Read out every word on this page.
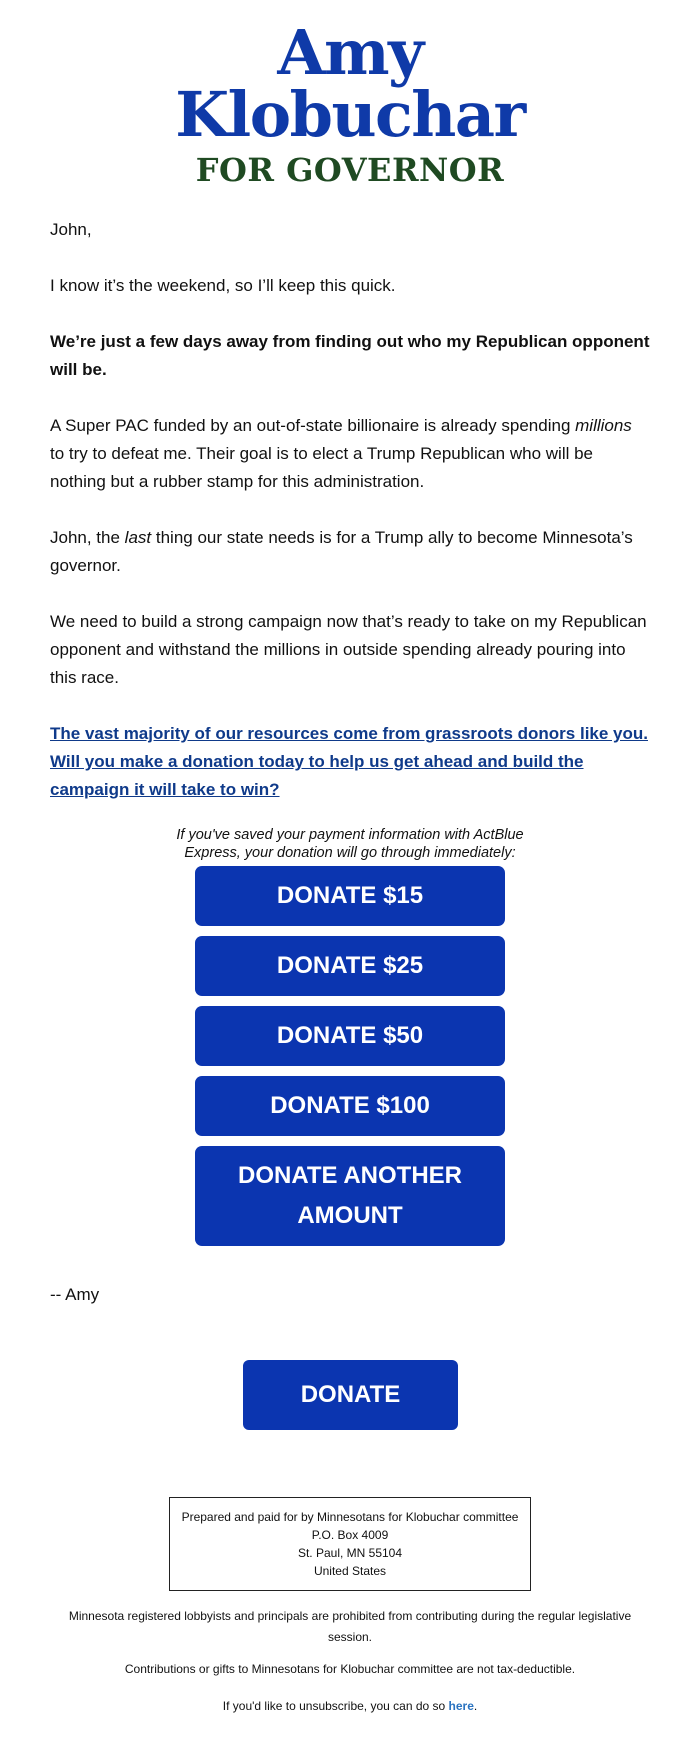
Amy
Klobuchar
FOR GOVERNOR

John,

I know it’s the weekend, so I’ll keep this quick.

We’re just a few days away from finding out who my Republican opponent will be.

A Super PAC funded by an out-of-state billionaire is already spending millions to try to defeat me. Their goal is to elect a Trump Republican who will be nothing but a rubber stamp for this administration.

John, the last thing our state needs is for a Trump ally to become Minnesota’s governor.

We need to build a strong campaign now that’s ready to take on my Republican opponent and withstand the millions in outside spending already pouring into this race.

The vast majority of our resources come from grassroots donors like you. Will you make a donation today to help us get ahead and build the campaign it will take to win?
If you've saved your payment information with ActBlue
Express, your donation will go through immediately:
DONATE $15
DONATE $25
DONATE $50
DONATE $100
DONATE ANOTHER AMOUNT
-- Amy
DONATE
Prepared and paid for by Minnesotans for Klobuchar committee
P.O. Box 4009
St. Paul, MN 55104
United States
Minnesota registered lobbyists and principals are prohibited from contributing during the regular legislative session.
Contributions or gifts to Minnesotans for Klobuchar committee are not tax-deductible.
If you'd like to unsubscribe, you can do so here.
